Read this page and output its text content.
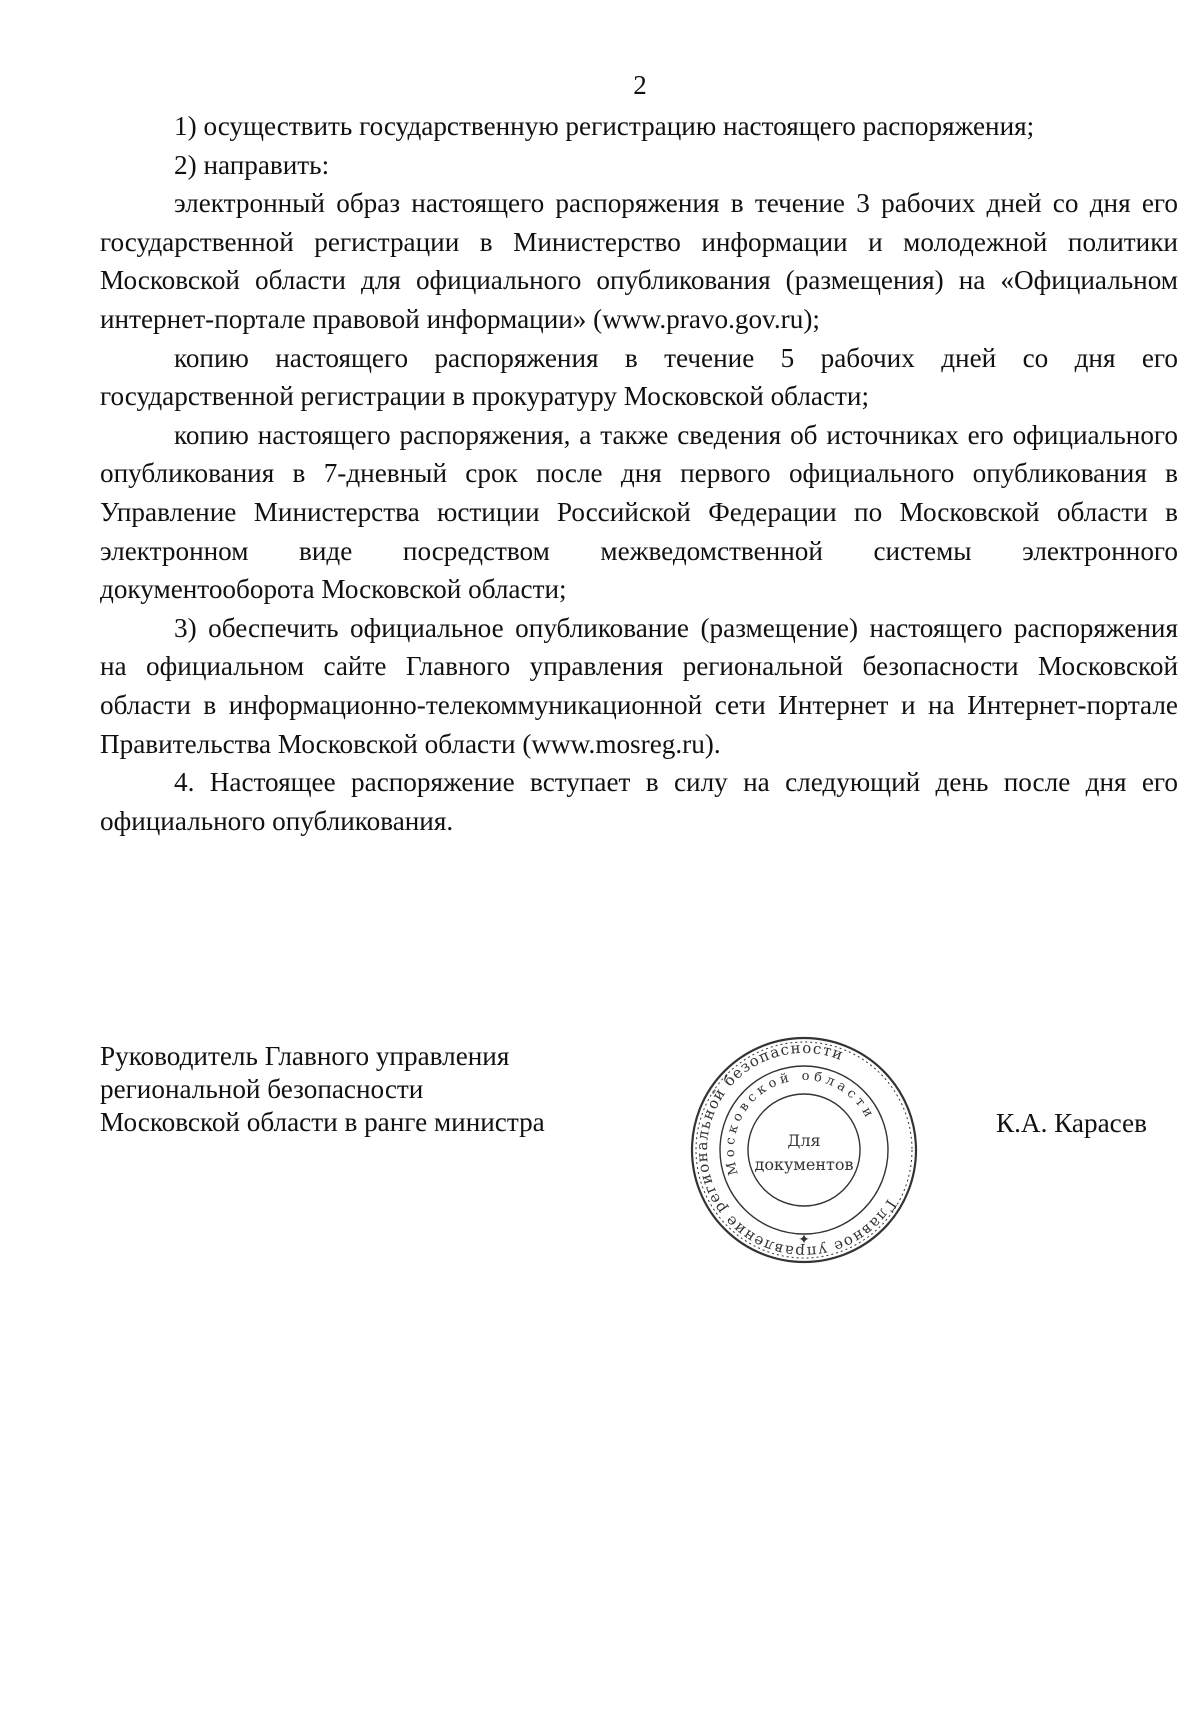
2

1) осуществить государственную регистрацию настоящего распоряжения;

2) направить:

электронный образ настоящего распоряжения в течение 3 рабочих дней со дня его государственной регистрации в Министерство информации и молодежной политики Московской области для официального опубликования (размещения) на «Официальном интернет-портале правовой информации» (www.pravo.gov.ru);

копию настоящего распоряжения в течение 5 рабочих дней со дня его государственной регистрации в прокуратуру Московской области;

копию настоящего распоряжения, а также сведения об источниках его официального опубликования в 7-дневный срок после дня первого официального опубликования в Управление Министерства юстиции Российской Федерации по Московской области в электронном виде посредством межведомственной системы электронного документооборота Московской области;

3) обеспечить официальное опубликование (размещение) настоящего распоряжения на официальном сайте Главного управления региональной безопасности Московской области в информационно-телекоммуникационной сети Интернет и на Интернет-портале Правительства Московской области (www.mosreg.ru).

4. Настоящее распоряжение вступает в силу на следующий день после дня его официального опубликования.

Руководитель Главного управления
региональной безопасности
Московской области в ранге министра
Главное управление региональной безопасности
Московской области
Для
документов
✦
К.А. Карасев
